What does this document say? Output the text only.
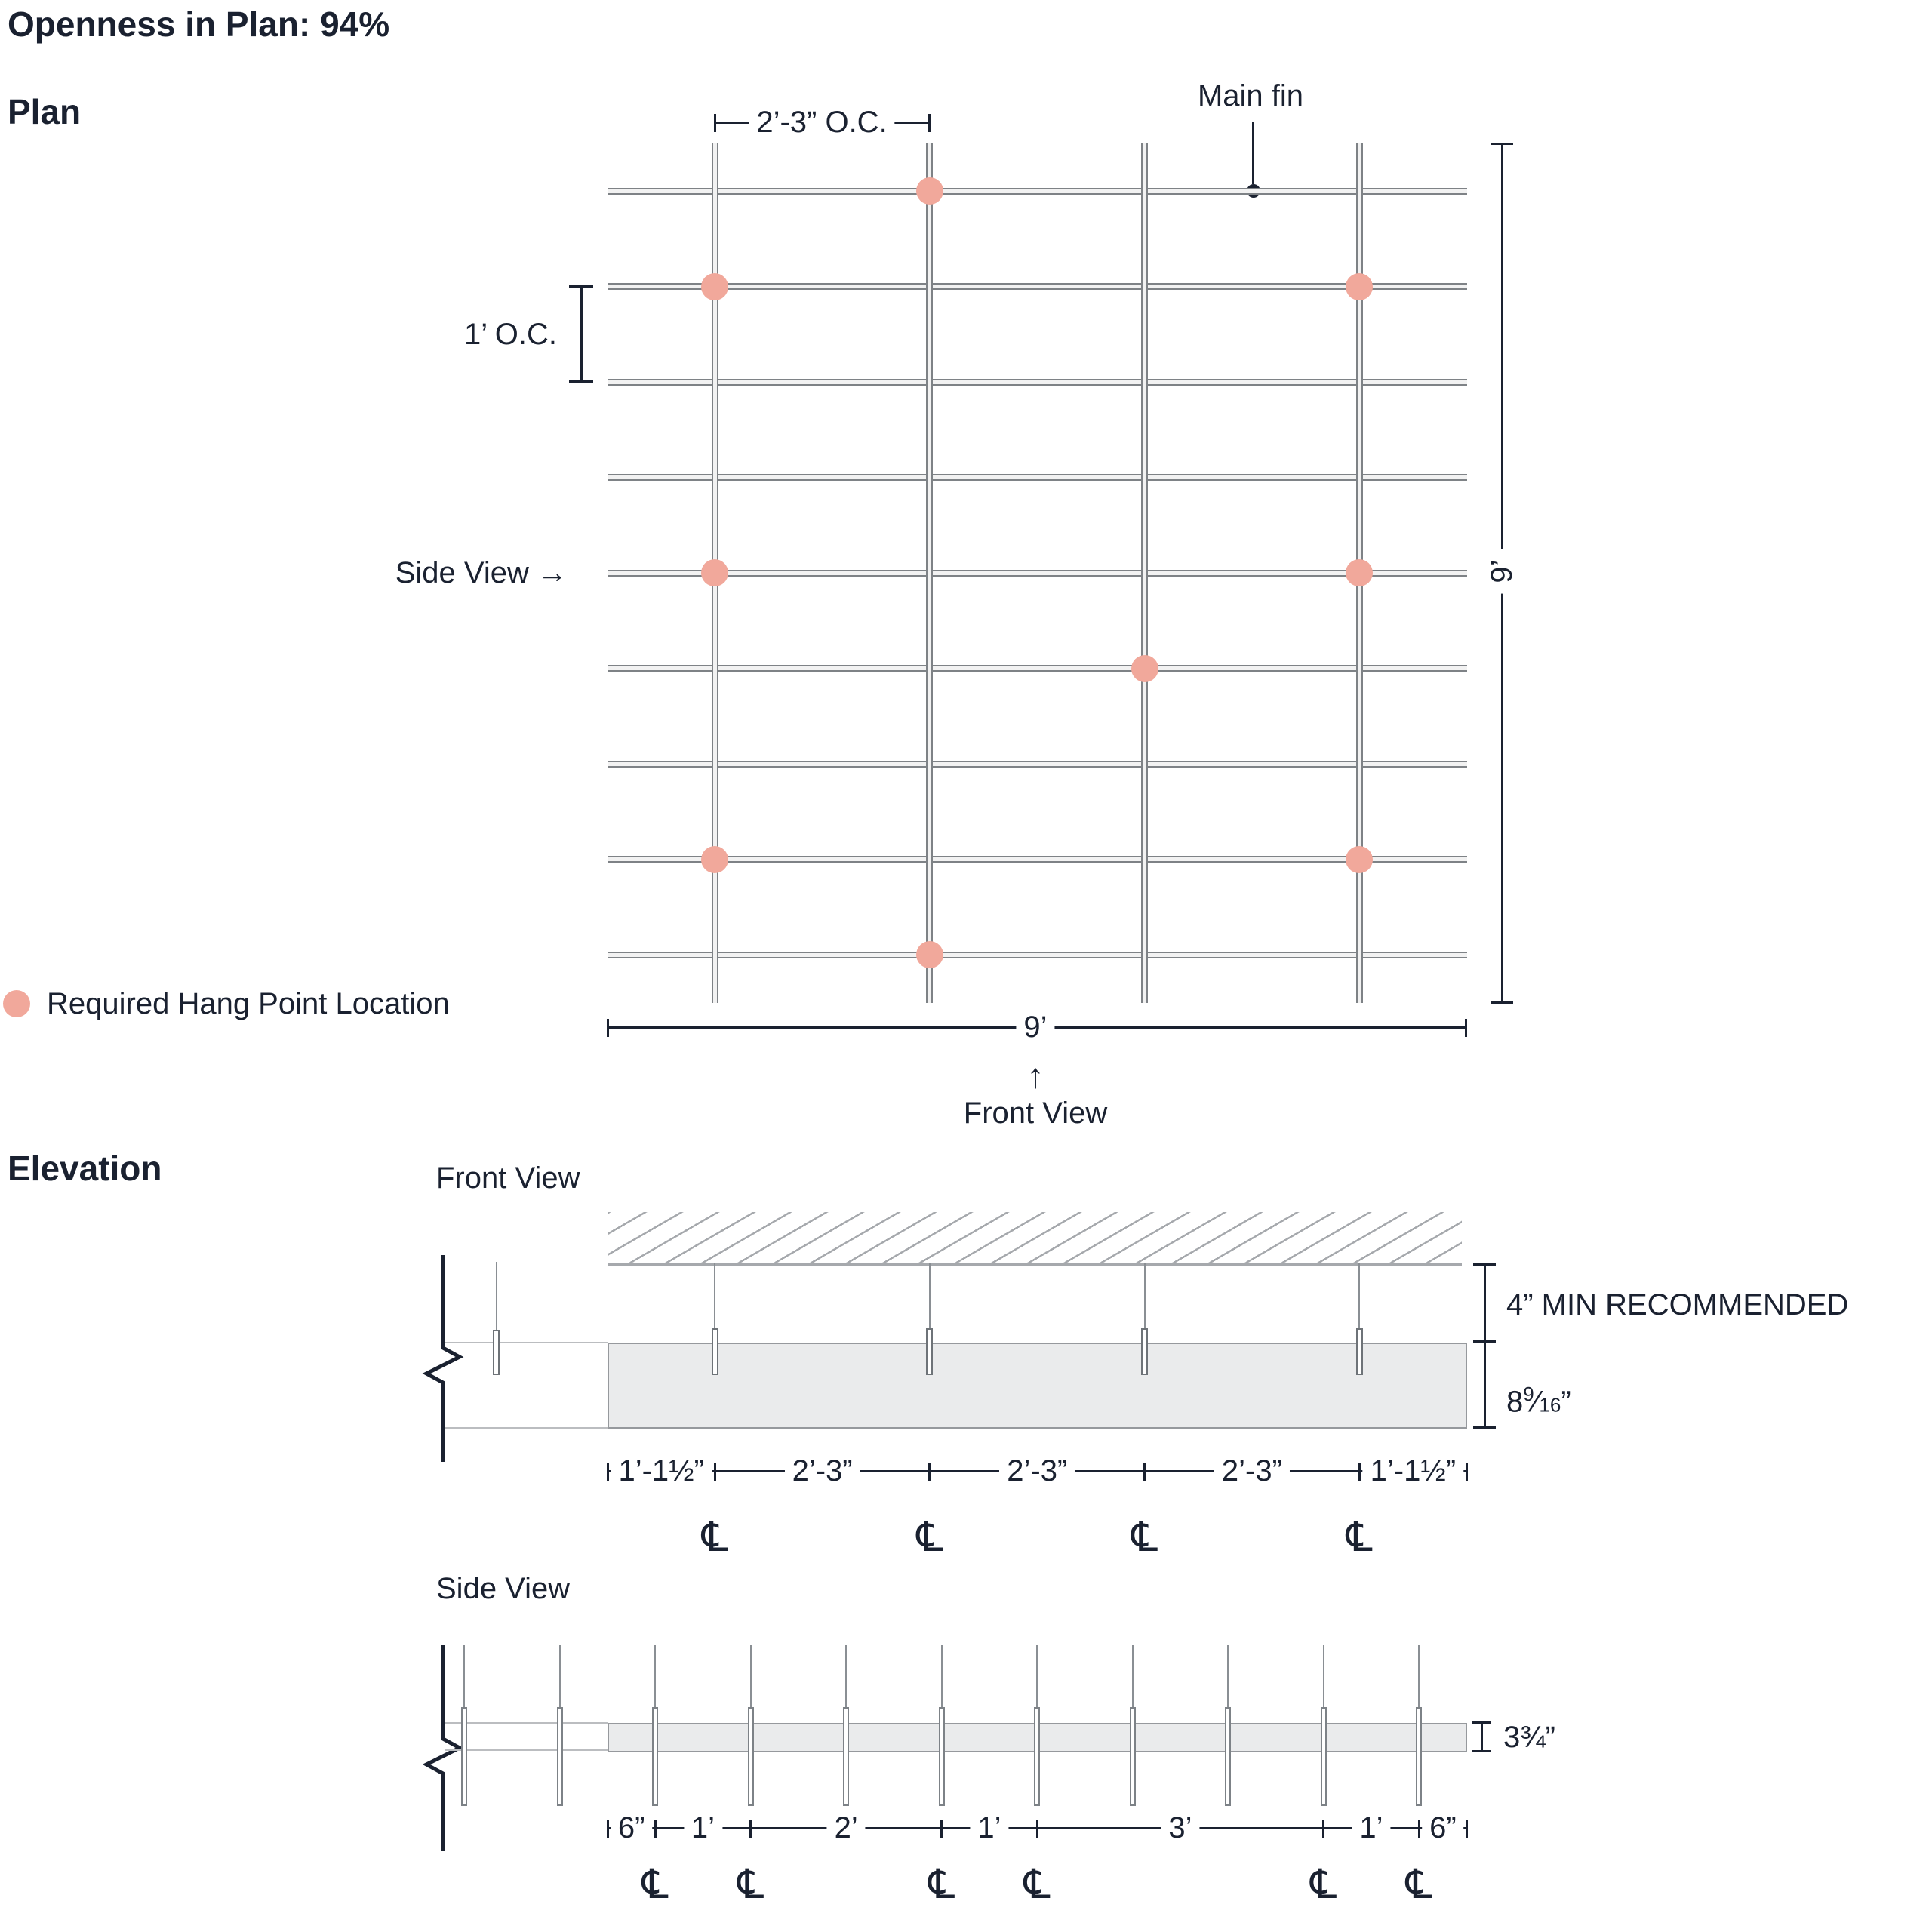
Openness in Plan: 94%
Plan	Main fin
1’ O.C.
Side View →
2’-3” O.C.
9’
9’
↑
Front View
Required Hang Point Location
Elevation	Front View
4” MIN RECOMMENDED
$8^9⁄16$”
1’-1½”	2’-3”	2’-3”	2’-3”	1’-1½”
℄	℄	℄	℄
Side View
3¾”
6” 1’	2’	1’	3’	1’ 6”
℄ ℄	℄ ℄	℄ ℄
